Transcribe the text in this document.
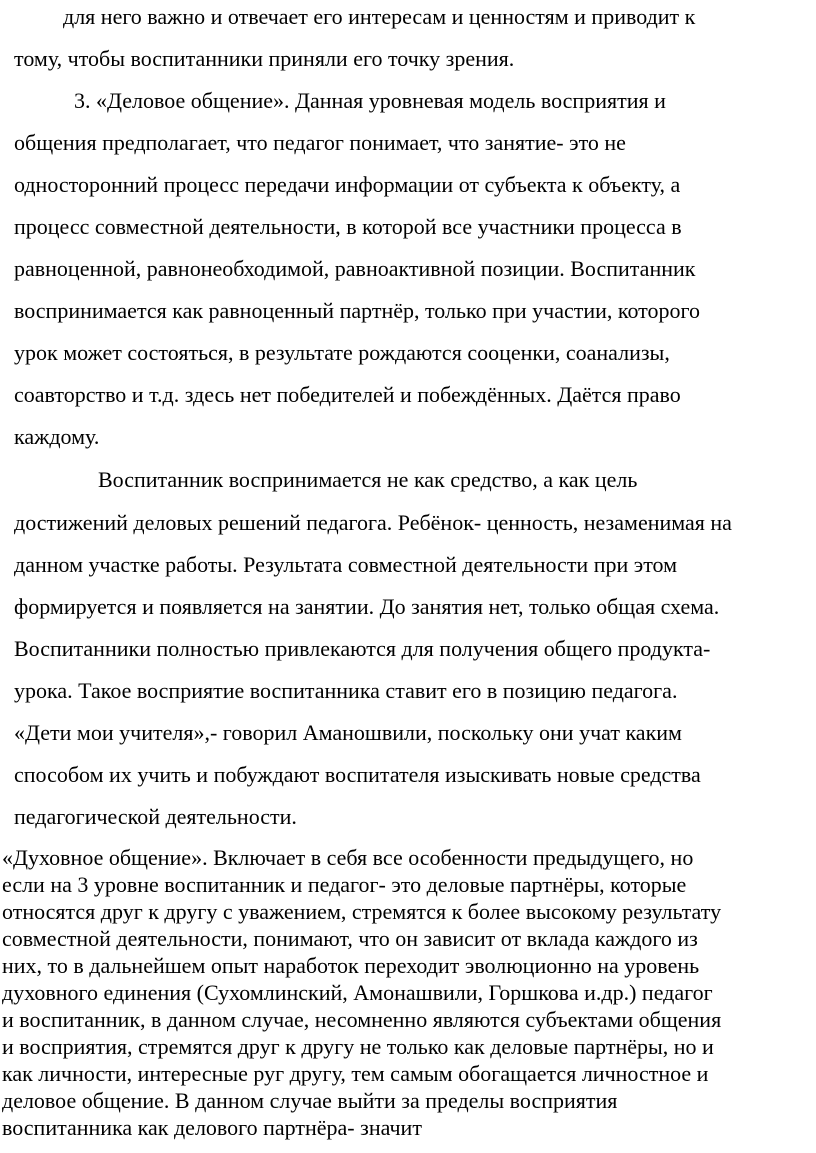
для него важно и отвечает его интересам и ценностям и приводит к

тому, чтобы воспитанники приняли его точку зрения.

3. «Деловое общение». Данная уровневая модель восприятия и

общения предполагает, что педагог понимает, что занятие- это не

односторонний процесс передачи информации от субъекта к объекту, а

процесс совместной деятельности, в которой все участники процесса в

равноценной, равнонеобходимой, равноактивной позиции. Воспитанник

воспринимается как равноценный партнёр, только при участии, которого

урок может состояться, в результате рождаются сооценки, соанализы,

соавторство и т.д. здесь нет победителей и побеждённых. Даётся право

каждому.

Воспитанник воспринимается не как средство, а как цель

достижений деловых решений педагога. Ребёнок- ценность, незаменимая на

данном участке работы. Результата совместной деятельности при этом

формируется и появляется на занятии. До занятия нет, только общая схема.

Воспитанники полностью привлекаются для получения общего продукта-

урока. Такое восприятие воспитанника ставит его в позицию педагога.

«Дети мои учителя»,- говорил Аманошвили, поскольку они учат каким

способом их учить и побуждают воспитателя изыскивать новые средства

педагогической деятельности.

«Духовное общение». Включает в себя все особенности предыдущего, но

если на 3 уровне воспитанник и педагог- это деловые партнёры, которые

относятся друг к другу с уважением, стремятся к более высокому результату

совместной деятельности, понимают, что он зависит от вклада каждого из

них, то в дальнейшем опыт наработок переходит эволюционно на уровень

духовного единения (Сухомлинский, Амонашвили, Горшкова и.др.) педагог

и воспитанник, в данном случае, несомненно являются субъектами общения

и восприятия, стремятся друг к другу не только как деловые партнёры, но и

как личности, интересные руг другу, тем самым обогащается личностное и

деловое общение. В данном случае выйти за пределы восприятия

воспитанника как делового партнёра- значит
